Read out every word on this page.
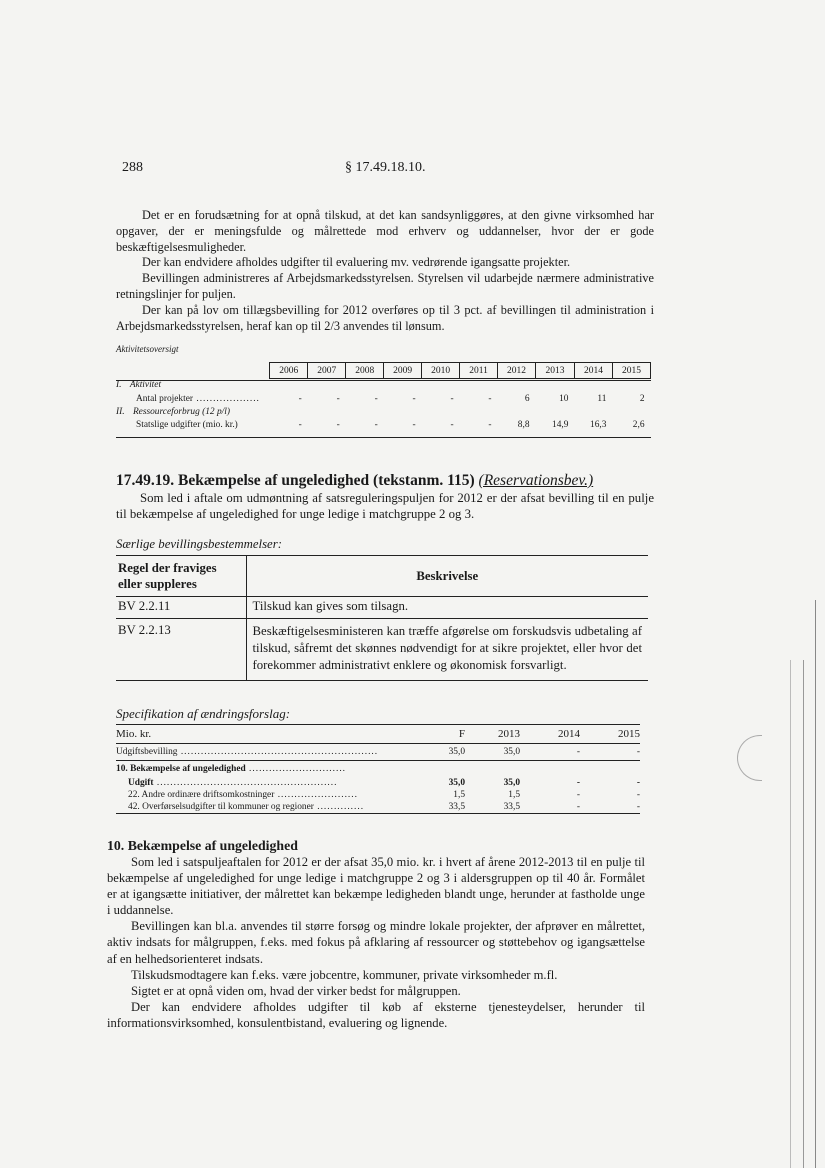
288	§ 17.49.18.10.

Det er en forudsætning for at opnå tilskud, at det kan sandsynliggøres, at den givne virksomhed har opgaver, der er meningsfulde og målrettede mod erhverv og uddannelser, hvor der er gode beskæftigelsesmuligheder.

Der kan endvidere afholdes udgifter til evaluering mv. vedrørende igangsatte projekter.

Bevillingen administreres af Arbejdsmarkedsstyrelsen. Styrelsen vil udarbejde nærmere administrative retningslinjer for puljen.

Der kan på lov om tillægsbevilling for 2012 overføres op til 3 pct. af bevillingen til administration i Arbejdsmarkedsstyrelsen, heraf kan op til 2/3 anvendes til lønsum.

Aktivitetsoversigt
	2006	2007	2008	2009	2010	2011	2012	2013	2014	2015
I. Aktivitet										
Antal projekter ...................	-	-	-	-	-	-	6	10	11	2
II. Ressourceforbrug (12 p/l)										
Statslige udgifter (mio. kr.)	-	-	-	-	-	-	8,8	14,9	16,3	2,6
17.49.19. Bekæmpelse af ungeledighed (tekstanm. 115) (Reservationsbev.)

Som led i aftale om udmøntning af satsreguleringspuljen for 2012 er der afsat bevilling til en pulje til bekæmpelse af ungeledighed for unge ledige i matchgruppe 2 og 3.

Særlige bevillingsbestemmelser:
Regel der fraviges eller suppleres	Beskrivelse
BV 2.2.11	Tilskud kan gives som tilsagn.
BV 2.2.13	Beskæftigelsesministeren kan træffe afgørelse om forskudsvis udbetaling af tilskud, såfremt det skønnes nødvendigt for at sikre projektet, eller hvor det forekommer administrativt enklere og økonomisk forsvarligt.
Specifikation af ændringsforslag:
Mio. kr.	F	2013	2014	2015
Udgiftsbevilling ...........................................................	35,0	35,0	-	-
10. Bekæmpelse af ungeledighed .............................				
Udgift ......................................................	35,0	35,0	-	-
22. Andre ordinære driftsomkostninger ........................	1,5	1,5	-	-
42. Overførselsudgifter til kommuner og regioner ..............	33,5	33,5	-	-
10. Bekæmpelse af ungeledighed

Som led i satspuljeaftalen for 2012 er der afsat 35,0 mio. kr. i hvert af årene 2012-2013 til en pulje til bekæmpelse af ungeledighed for unge ledige i matchgruppe 2 og 3 i aldersgruppen op til 40 år. Formålet er at igangsætte initiativer, der målrettet kan bekæmpe ledigheden blandt unge, herunder at fastholde unge i uddannelse.

Bevillingen kan bl.a. anvendes til større forsøg og mindre lokale projekter, der afprøver en målrettet, aktiv indsats for målgruppen, f.eks. med fokus på afklaring af ressourcer og støttebehov og igangsættelse af en helhedsorienteret indsats.

Tilskudsmodtagere kan f.eks. være jobcentre, kommuner, private virksomheder m.fl.

Sigtet er at opnå viden om, hvad der virker bedst for målgruppen.

Der kan endvidere afholdes udgifter til køb af eksterne tjenesteydelser, herunder til informationsvirksomhed, konsulentbistand, evaluering og lignende.
